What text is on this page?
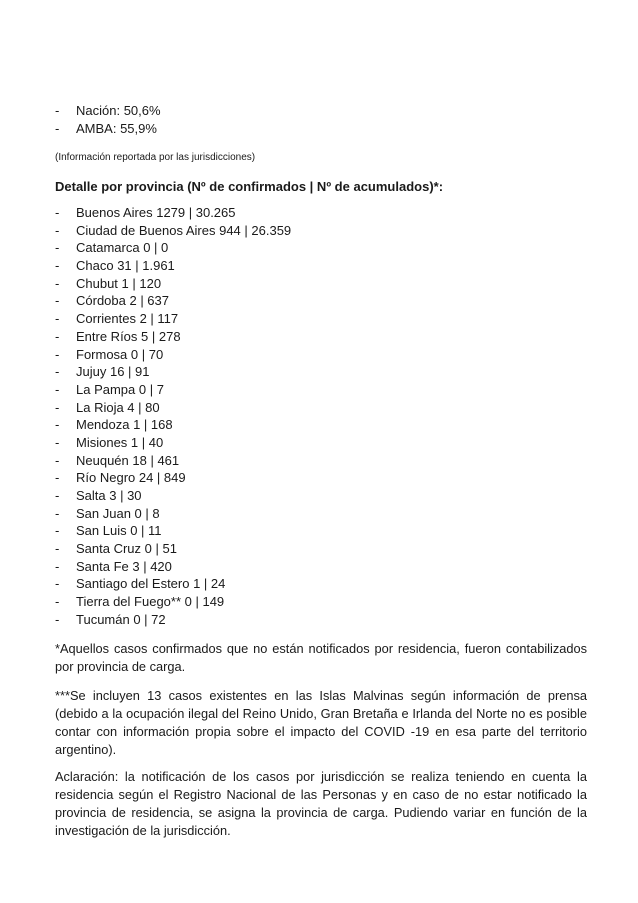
-	Nación: 50,6%
-	AMBA: 55,9%
(Información reportada por las jurisdicciones)
Detalle por provincia (Nº de confirmados | Nº de acumulados)*:
-	Buenos Aires 1279 | 30.265
-	Ciudad de Buenos Aires 944 | 26.359
-	Catamarca 0 | 0
-	Chaco 31 | 1.961
-	Chubut 1 | 120
-	Córdoba 2 | 637
-	Corrientes 2 | 117
-	Entre Ríos 5 | 278
-	Formosa 0 | 70
-	Jujuy 16 | 91
-	La Pampa 0 | 7
-	La Rioja 4 | 80
-	Mendoza 1 | 168
-	Misiones 1 | 40
-	Neuquén 18 | 461
-	Río Negro 24 | 849
-	Salta 3 | 30
-	San Juan 0 | 8
-	San Luis 0 | 11
-	Santa Cruz 0 | 51
-	Santa Fe 3 | 420
-	Santiago del Estero 1 | 24
-	Tierra del Fuego** 0 | 149
-	Tucumán 0 | 72

*Aquellos casos confirmados que no están notificados por residencia, fueron contabilizados por provincia de carga.

***Se incluyen 13 casos existentes en las Islas Malvinas según información de prensa (debido a la ocupación ilegal del Reino Unido, Gran Bretaña e Irlanda del Norte no es posible contar con información propia sobre el impacto del COVID -19 en esa parte del territorio argentino).

Aclaración: la notificación de los casos por jurisdicción se realiza teniendo en cuenta la residencia según el Registro Nacional de las Personas y en caso de no estar notificado la provincia de residencia, se asigna la provincia de carga. Pudiendo variar en función de la investigación de la jurisdicción.
